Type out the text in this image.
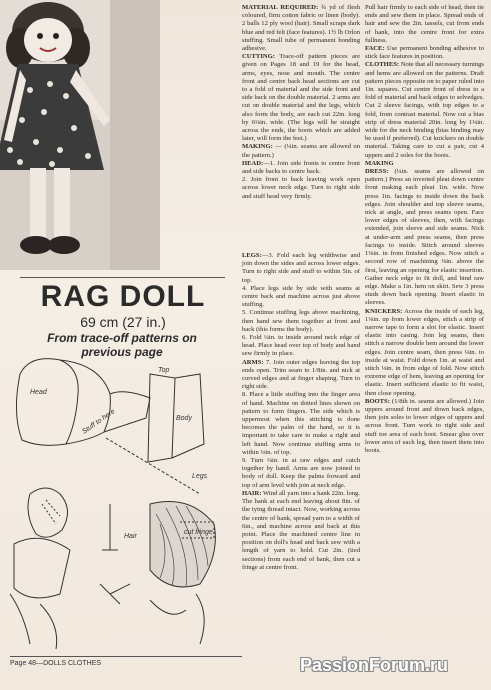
RAG DOLL
69 cm (27 in.)
From trace-off patterns on previous page
Head
Stuff to here	Body
Top
Legs
cut fringe
Hair

MATERIAL REQUIRED: ¾ yd of flesh coloured, firm cotton fabric or linen (body). 2 balls 12 ply wool (hair). Small scraps dark blue and red felt (face features). 1½ lb Orlon stuffing. Small tube of permanent bonding adhesive.

CUTTING: Trace-off pattern pieces are given on Pages 18 and 19 for the head, arms, eyes, nose and mouth. The centre front and centre back head sections are cut to a fold of material and the side front and side back on the double material. 2 arms are cut on double material and the legs, which also form the body, are each cut 22in. long by 6⅛in. wide. (The legs will be straight across the ends, the boots which are added later, will form the feet.)

MAKING: — (¼in. seams are allowed on the pattern.)

HEAD:—1. Join side fronts to centre front and side backs to centre back.

2. Join front to back leaving work open across lower neck edge. Turn to right side and stuff head very firmly.

LEGS:—3. Fold each leg widthwise and join down the sides and across lower edges. Turn to right side and stuff to within 5in. of top.

4. Place legs side by side with seams at centre back and machine across just above stuffing.

5. Continue stuffing legs above machining, then hand sew them together at front and back (this forms the body).

6. Fold ¼in. to inside around neck edge of head. Place head over top of body and hand sew firmly in place.

ARMS: 7. Join outer edges leaving the top ends open. Trim seam to 1/8in. and nick at curved edges and at finger shaping. Turn to right side.

8. Place a little stuffing into the finger area of hand. Machine on dotted lines shown on pattern to form fingers. The side which is uppermost when this stitching is done becomes the palm of the hand, so it is important to take care to make a right and left hand. Now continue stuffing arms to within ⅛in. of top.

9. Turn ¼in. in at raw edges and catch together by hand. Arms are now joined to body of doll. Keep the palms forward and top of arm level with join at neck edge.

HAIR: Wind all yarn into a hank 22in. long. The hank at each end leaving about 8in. of the tying thread intact. Now, working across the centre of hank, spread yarn to a width of 6in., and machine across and back at this point. Place the machined centre line in position on doll's head and back sew with a length of yarn to hold. Cut 2in. (tied sections) from each end of hank, then cut a fringe at centre front.

Pull hair firmly to each side of head, then tie ends and sew them in place. Spread ends of hair and sew the 2in. tassels, cut from ends of hank, into the centre front for extra fullness.

FACE: Use permanent bonding adhesive to stick face features in position.

CLOTHES: Note that all necessary turnings and hems are allowed on the patterns. Draft pattern pieces opposite on to paper ruled into 1in. squares. Cut centre front of dress to a fold of material and back edges to selvedges. Cut 2 sleeve facings, with top edges to a fold, from contrast material. Now cut a bias strip of dress material 20in. long by 1¼in. wide for the neck binding (bias binding may be used if preferred). Cut knickers on double material. Taking care to cut a pair, cut 4 uppers and 2 soles for the boots.

MAKING

DRESS: (¼in. seams are allowed on pattern.) Press an inverted pleat down centre front making each pleat 1in. wide. Now press 1in. facings to inside down the back edges. Join shoulder and top sleeve seams, nick at angle, and press seams open. Face lower edges of sleeves, then, with facings extended, join sleeve and side seams. Nick at under-arm and press seams, then press facings to inside. Stitch around sleeves 1⅛in. in from finished edges. Now stitch a second row of machining ⅛in. above the first, leaving an opening for elastic insertion. Gather neck edge to fit doll, and bind raw edge. Make a 1in. hem on skirt. Sew 3 press studs down back opening. Insert elastic in sleeves.

KNICKERS: Across the inside of each leg, 1⅛in. up from lower edges, stitch a strip of narrow tape to form a slot for elastic. Insert elastic into casing. Join leg seams, then stitch a narrow double hem around the lower edges. Join centre seam, then press ⅛in. to inside at waist. Fold down 1in. at waist and stitch ⅛in. in from edge of fold. Now stitch extreme edge of hem, leaving an opening for elastic. Insert sufficient elastic to fit waist, then close opening.

BOOTS: (1/8th in. seams are allowed.) Join uppers around front and down back edges, then join soles to lower edges of uppers and across front. Turn work to right side and stuff toe area of each boot. Smear glue over lower area of each leg, then insert them into boots.

Page 48—DOLLS CLOTHES	PassionForum.ru
